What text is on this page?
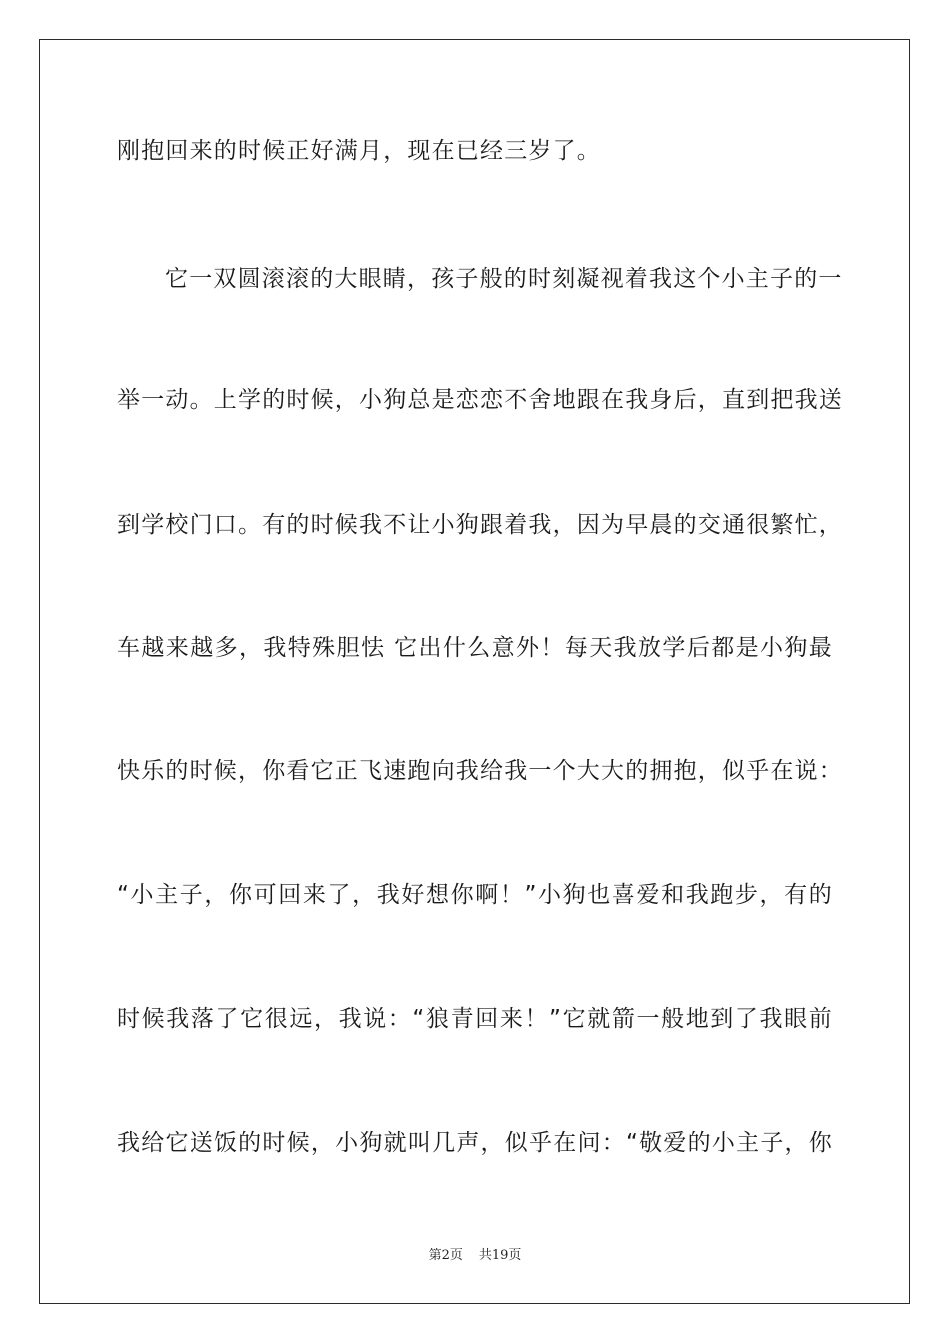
刚抱回来的时候正好满月，现在已经三岁了。
它一双圆滚滚的大眼睛，孩子般的时刻凝视着我这个小主子的一
举一动。上学的时候，小狗总是恋恋不舍地跟在我身后，直到把我送
到学校门口。有的时候我不让小狗跟着我，因为早晨的交通很繁忙，
车越来越多，我特殊胆怯 它出什么意外！每天我放学后都是小狗最
快乐的时候，你看它正飞速跑向我给我一个大大的拥抱，似乎在说：
“小主子，你可回来了，我好想你啊！”小狗也喜爱和我跑步，有的
时候我落了它很远，我说：“狼青回来！”它就箭一般地到了我眼前
我给它送饭的时候，小狗就叫几声，似乎在问：“敬爱的小主子，你
第2页 共19页
